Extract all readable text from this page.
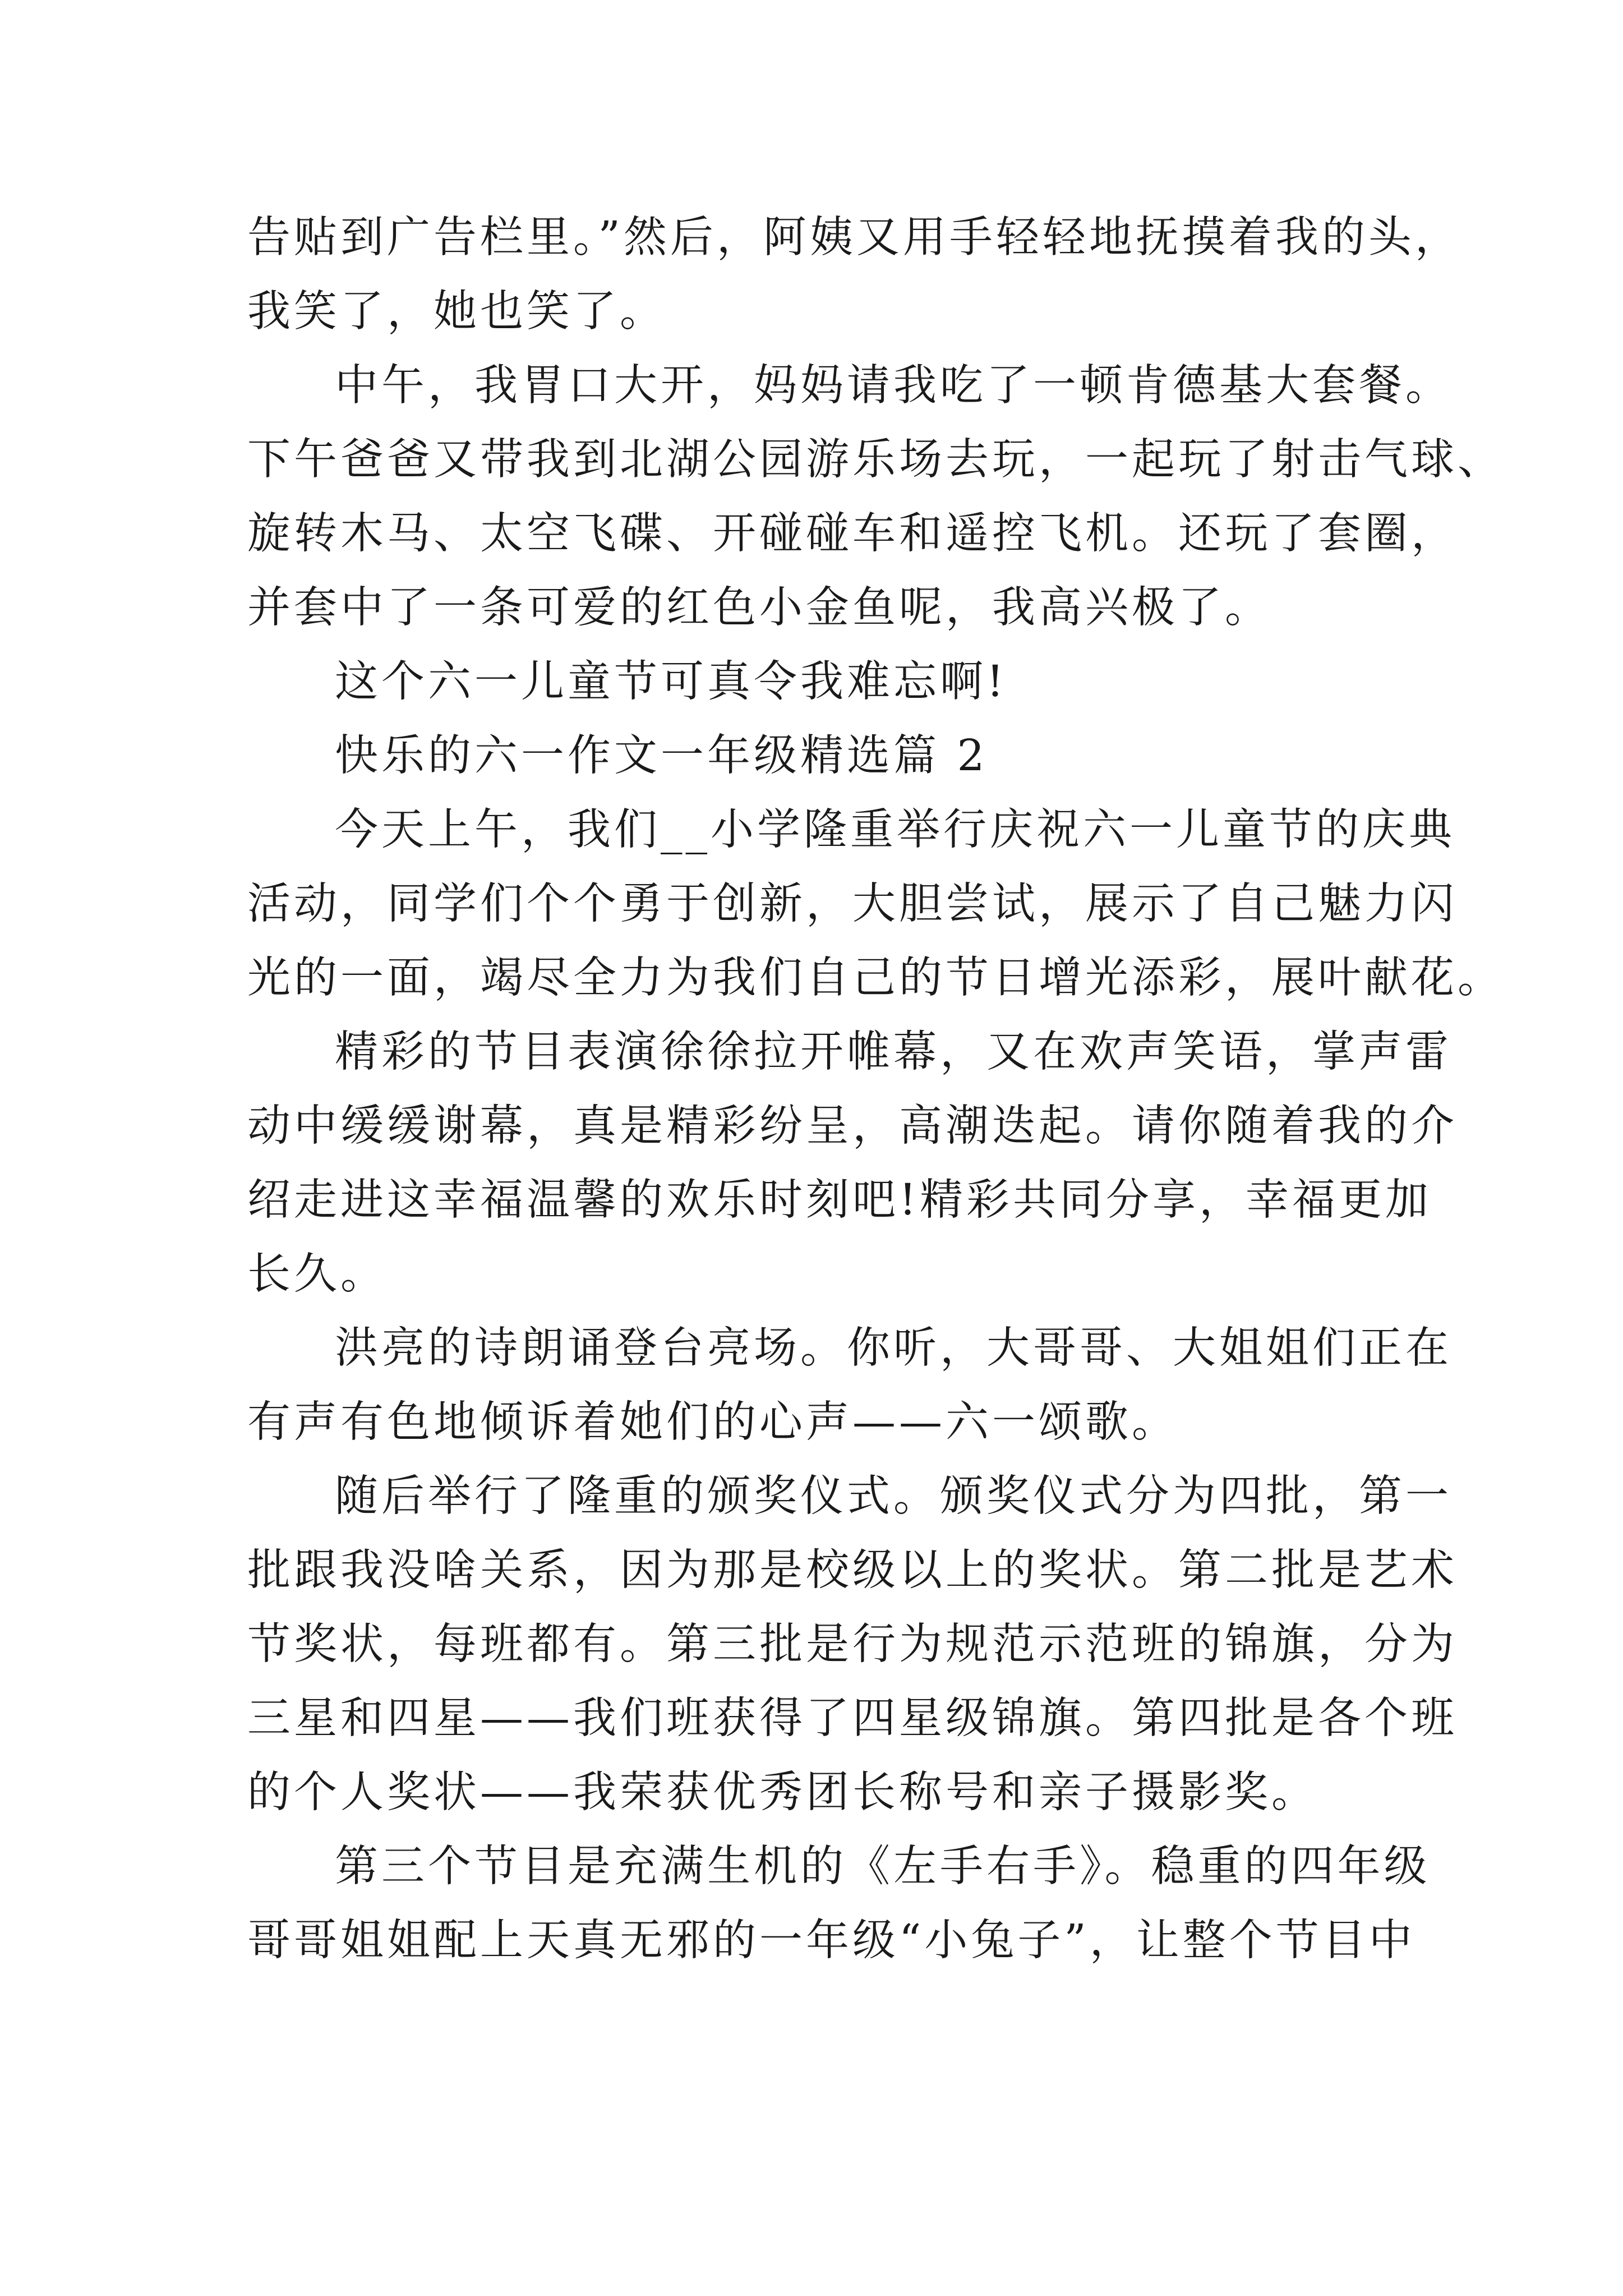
告贴到广告栏里。”然后，阿姨又用手轻轻地抚摸着我的头，
我笑了，她也笑了。
中午，我胃口大开，妈妈请我吃了一顿肯德基大套餐。
下午爸爸又带我到北湖公园游乐场去玩，一起玩了射击气球、
旋转木马、太空飞碟、开碰碰车和遥控飞机。还玩了套圈，
并套中了一条可爱的红色小金鱼呢，我高兴极了。
这个六一儿童节可真令我难忘啊!
快乐的六一作文一年级精选篇 2
今天上午，我们__小学隆重举行庆祝六一儿童节的庆典
活动，同学们个个勇于创新，大胆尝试，展示了自己魅力闪
光的一面，竭尽全力为我们自己的节日增光添彩，展叶献花。
精彩的节目表演徐徐拉开帷幕，又在欢声笑语，掌声雷
动中缓缓谢幕，真是精彩纷呈，高潮迭起。请你随着我的介
绍走进这幸福温馨的欢乐时刻吧!精彩共同分享，幸福更加
长久。
洪亮的诗朗诵登台亮场。你听，大哥哥、大姐姐们正在
有声有色地倾诉着她们的心声——六一颂歌。
随后举行了隆重的颁奖仪式。颁奖仪式分为四批，第一
批跟我没啥关系，因为那是校级以上的奖状。第二批是艺术
节奖状，每班都有。第三批是行为规范示范班的锦旗，分为
三星和四星——我们班获得了四星级锦旗。第四批是各个班
的个人奖状——我荣获优秀团长称号和亲子摄影奖。
第三个节目是充满生机的《左手右手》。稳重的四年级
哥哥姐姐配上天真无邪的一年级“小兔子”，让整个节目中
